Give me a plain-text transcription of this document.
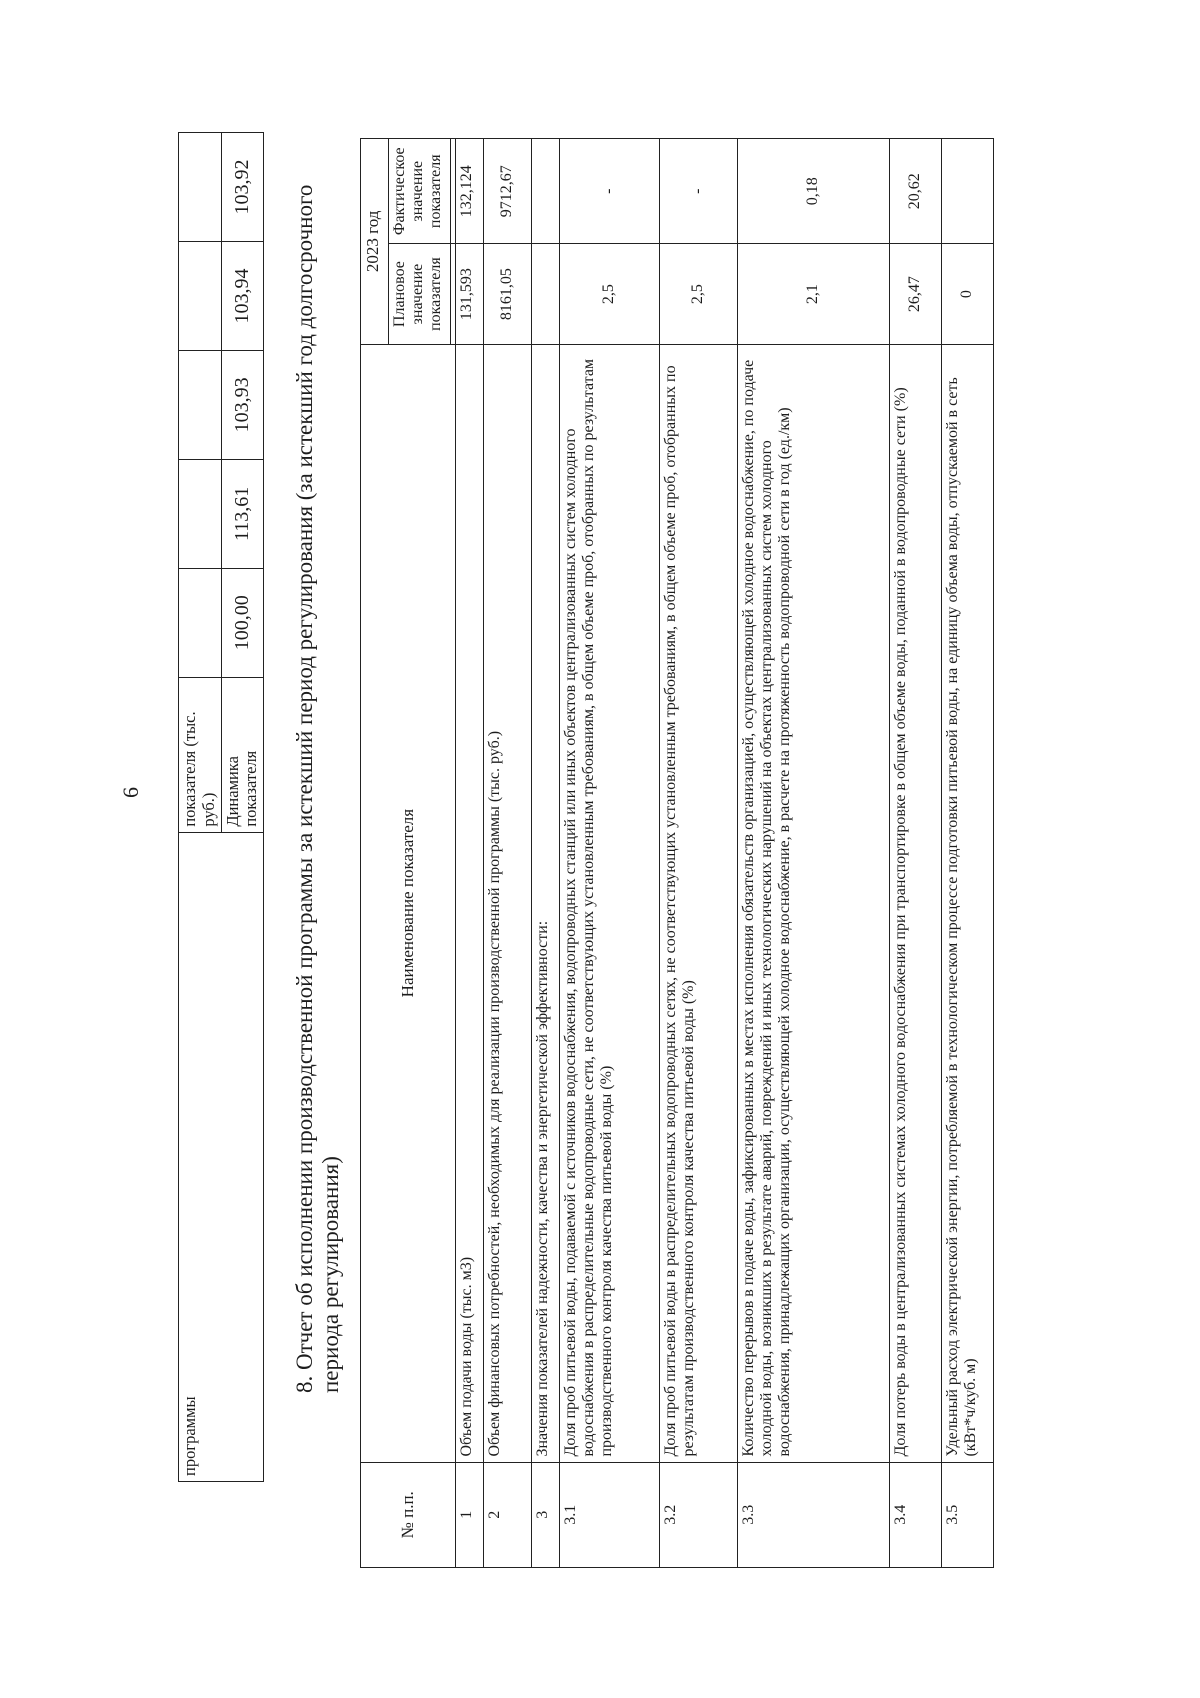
6
программы	показателя (тыс. руб.)					
	Динамика показателя	100,00	113,61	103,93	103,94	103,92
8. Отчет об исполнении производственной программы за истекший период регулирования (за истекший год долгосрочного периода регулирования)
№ п.п.	Наименование показателя	2023 год	
		Плановое значение показателя	Фактическое значение показателя

1	Объем подачи воды (тыс. м3)	131,593	132,124
2	Объем финансовых потребностей, необходимых для реализации производственной программы (тыс. руб.)	8161,05	9712,67
3	Значения показателей надежности, качества и энергетической эффективности:		
3.1	Доля проб питьевой воды, подаваемой с источников водоснабжения, водопроводных станций или иных объектов централизованных систем холодного водоснабжения в распределительные водопроводные сети, не соответствующих установленным требованиям, в общем объеме проб, отобранных по результатам производственного контроля качества питьевой воды (%)	2,5	-
3.2	Доля проб питьевой воды в распределительных водопроводных сетях, не соответствующих установленным требованиям, в общем объеме проб, отобранных по результатам производственного контроля качества питьевой воды (%)	2,5	-
3.3	Количество перерывов в подаче воды, зафиксированных в местах исполнения обязательств организацией, осуществляющей холодное водоснабжение, по подаче холодной воды, возникших в результате аварий, повреждений и иных технологических нарушений на объектах централизованных систем холодного водоснабжения, принадлежащих организации, осуществляющей холодное водоснабжение, в расчете на протяженность водопроводной сети в год (ед./км)	2,1	0,18
3.4	Доля потерь воды в централизованных системах холодного водоснабжения при транспортировке в общем объеме воды, поданной в водопроводные сети (%)	26,47	20,62
3.5	Удельный расход электрической энергии, потребляемой в технологическом процессе подготовки питьевой воды, на единицу объема воды, отпускаемой в сеть (кВт*ч/куб. м)	0	
